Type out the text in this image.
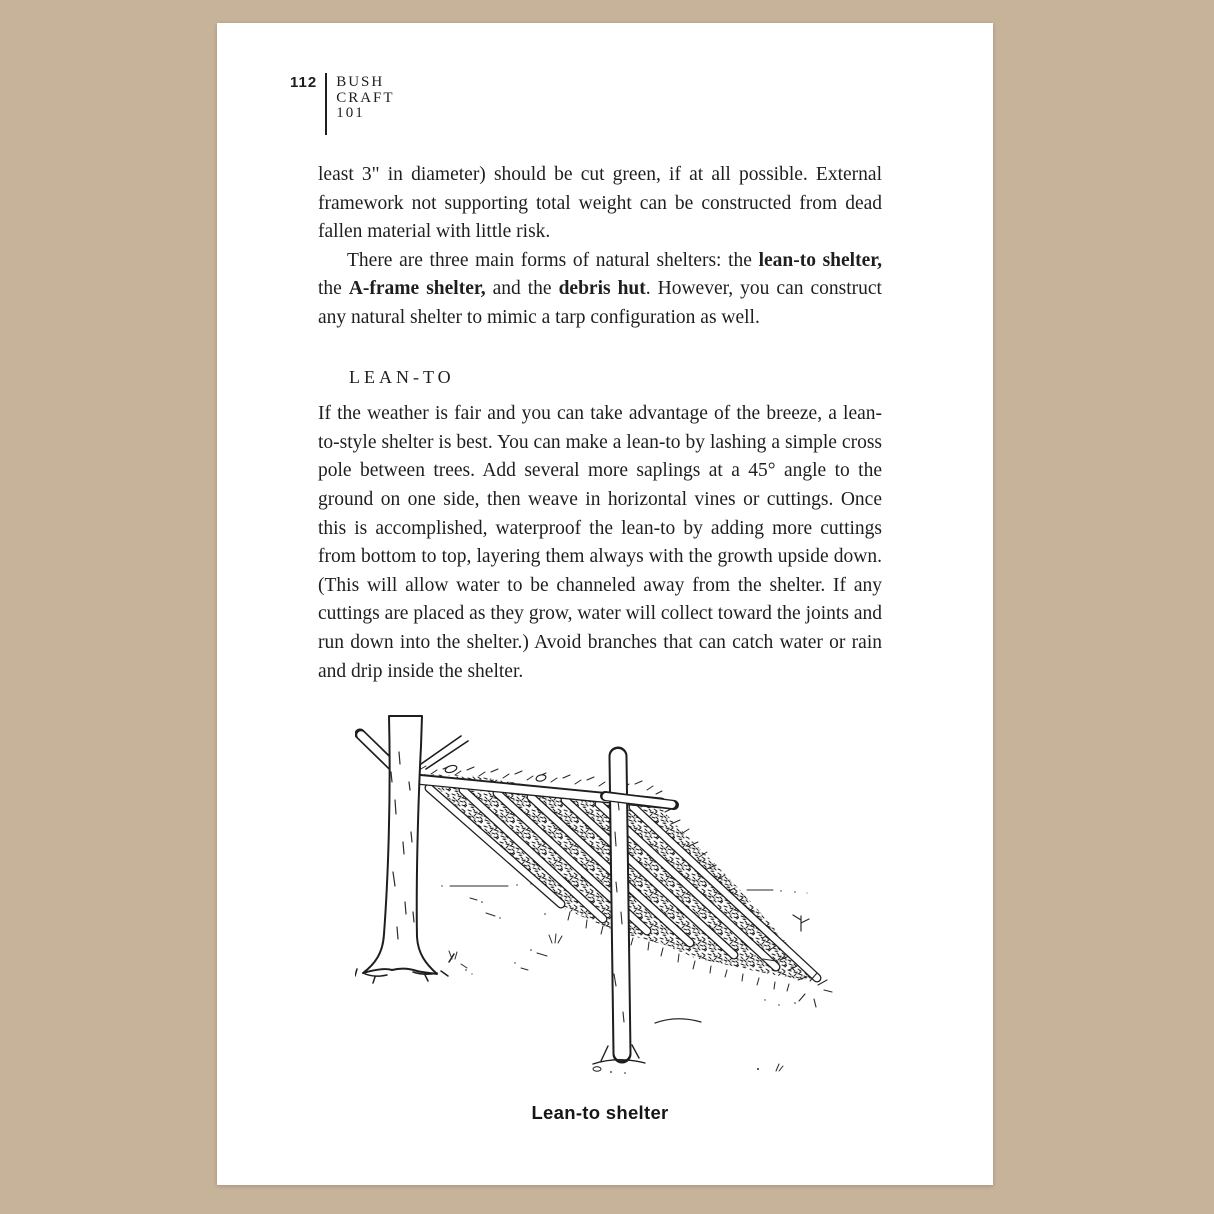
112	BUSH
CRAFT
101

least 3" in diameter) should be cut green, if at all possible. External framework not supporting total weight can be constructed from dead fallen material with little risk.

There are three main forms of natural shelters: the lean-to shelter, the A-frame shelter, and the debris hut. However, you can construct any natural shelter to mimic a tarp configuration as well.

LEAN-TO

If the weather is fair and you can take advantage of the breeze, a lean-to-style shelter is best. You can make a lean-to by lashing a simple cross pole between trees. Add several more saplings at a 45° angle to the ground on one side, then weave in horizontal vines or cuttings. Once this is accomplished, waterproof the lean-to by adding more cuttings from bottom to top, layering them always with the growth upside down. (This will allow water to be channeled away from the shelter. If any cuttings are placed as they grow, water will collect toward the joints and run down into the shelter.) Avoid branches that can catch water or rain and drip inside the shelter.

Lean-to shelter
